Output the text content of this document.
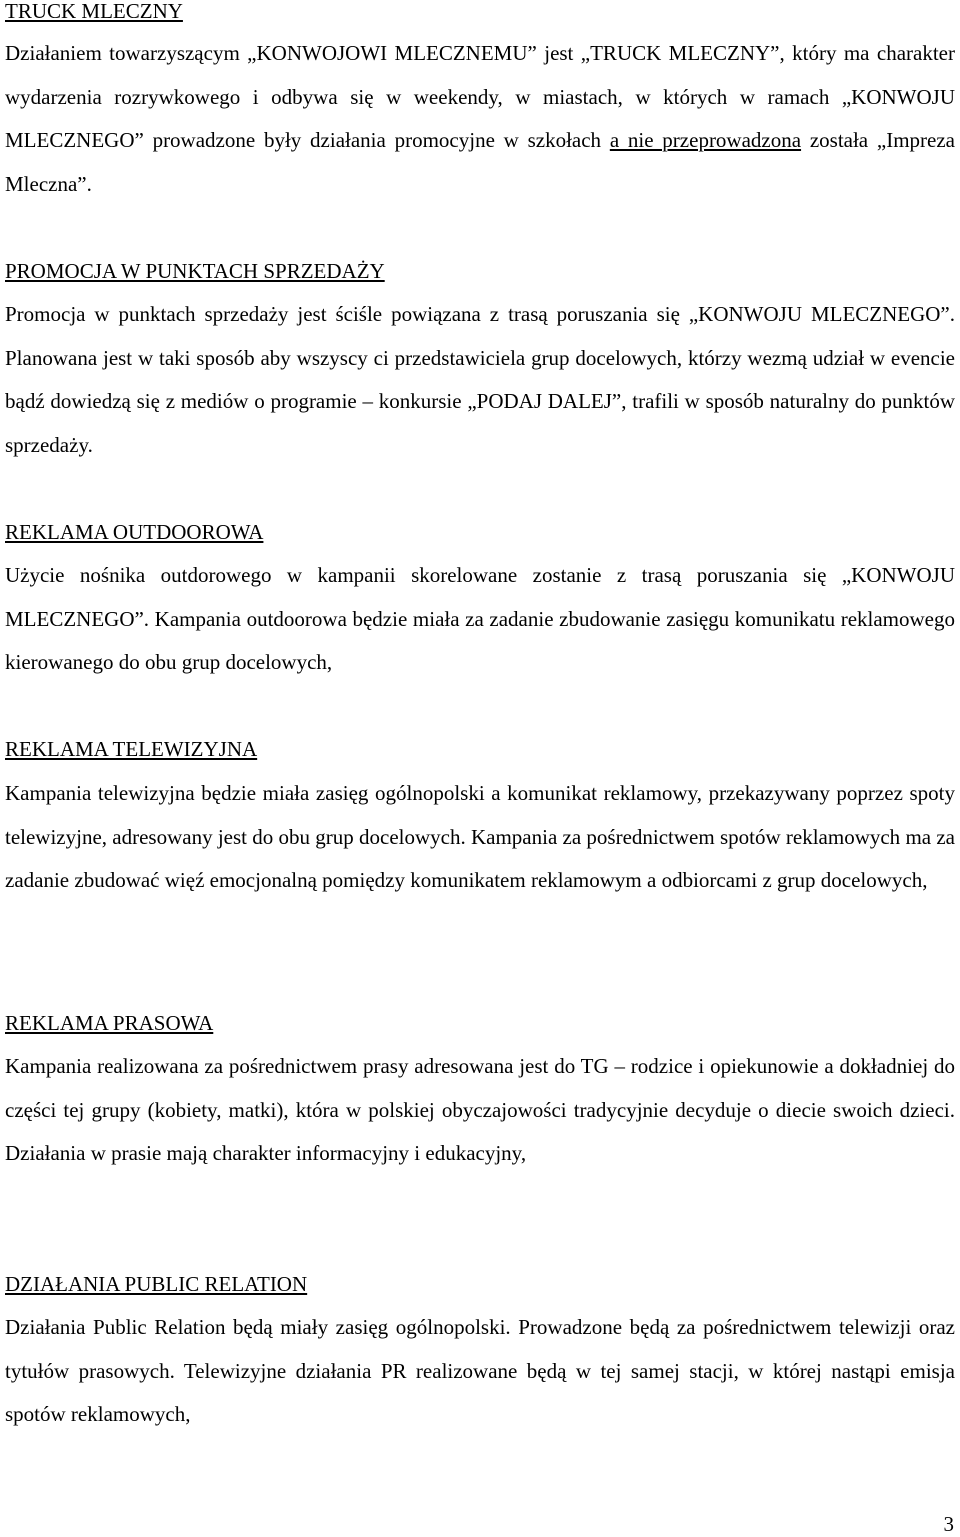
TRUCK MLECZNY

Działaniem towarzyszącym „KONWOJOWI MLECZNEMU” jest „TRUCK MLECZNY”, który ma charakter wydarzenia rozrywkowego i odbywa się w weekendy, w miastach, w których w ramach „KONWOJU MLECZNEGO” prowadzone były działania promocyjne w szkołach a nie przeprowadzona została „Impreza Mleczna”.

PROMOCJA W PUNKTACH SPRZEDAŻY

Promocja w punktach sprzedaży jest ściśle powiązana z trasą poruszania się „KONWOJU MLECZNEGO”. Planowana jest w taki sposób aby wszyscy ci przedstawiciela grup docelowych, którzy wezmą udział w evencie bądź dowiedzą się z mediów o programie – konkursie „PODAJ DALEJ”, trafili w sposób naturalny do punktów sprzedaży.

REKLAMA OUTDOOROWA

Użycie nośnika outdorowego w kampanii skorelowane zostanie z trasą poruszania się „KONWOJU MLECZNEGO”. Kampania outdoorowa będzie miała za zadanie zbudowanie zasięgu komunikatu reklamowego kierowanego do obu grup docelowych,

REKLAMA TELEWIZYJNA

Kampania telewizyjna będzie miała zasięg ogólnopolski a komunikat reklamowy, przekazywany poprzez spoty telewizyjne, adresowany jest do obu grup docelowych. Kampania za pośrednictwem spotów reklamowych ma za zadanie zbudować więź emocjonalną pomiędzy komunikatem reklamowym a odbiorcami z grup docelowych,

REKLAMA PRASOWA

Kampania realizowana za pośrednictwem prasy adresowana jest do TG – rodzice i opiekunowie a dokładniej do części tej grupy (kobiety, matki), która w polskiej obyczajowości tradycyjnie decyduje o diecie swoich dzieci. Działania w prasie mają charakter informacyjny i edukacyjny,

DZIAŁANIA PUBLIC RELATION

Działania Public Relation będą miały zasięg ogólnopolski. Prowadzone będą za pośrednictwem telewizji oraz tytułów prasowych. Telewizyjne działania PR realizowane będą w tej samej stacji, w której nastąpi emisja spotów reklamowych,

3
